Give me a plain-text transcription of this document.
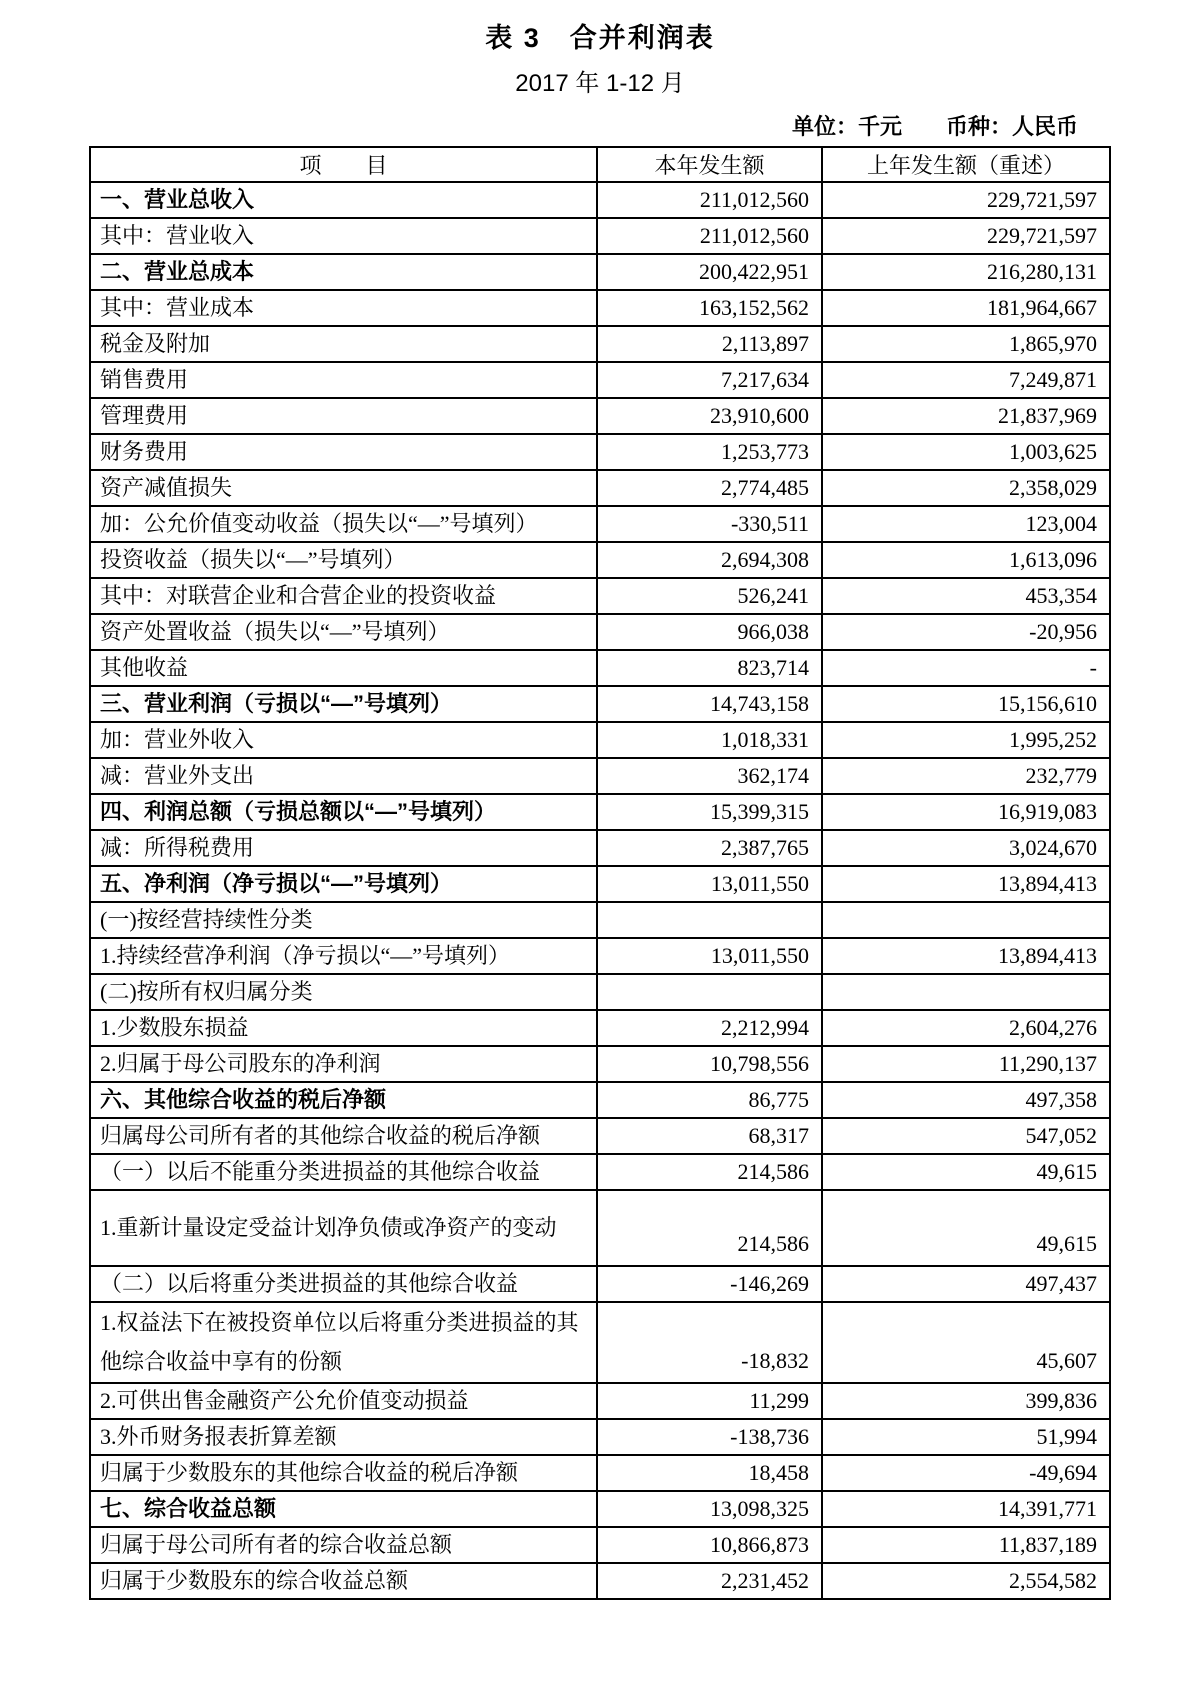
表 3　合并利润表
2017 年 1-12 月
单位：千元　　币种：人民币
项　　目	本年发生额	上年发生额（重述）
一、营业总收入	211,012,560	229,721,597
其中：营业收入	211,012,560	229,721,597
二、营业总成本	200,422,951	216,280,131
其中：营业成本	163,152,562	181,964,667
税金及附加	2,113,897	1,865,970
销售费用	7,217,634	7,249,871
管理费用	23,910,600	21,837,969
财务费用	1,253,773	1,003,625
资产减值损失	2,774,485	2,358,029
加：公允价值变动收益（损失以“—”号填列）	-330,511	123,004
投资收益（损失以“—”号填列）	2,694,308	1,613,096
其中：对联营企业和合营企业的投资收益	526,241	453,354
资产处置收益（损失以“—”号填列）	966,038	-20,956
其他收益	823,714	-
三、营业利润（亏损以“—”号填列）	14,743,158	15,156,610
加：营业外收入	1,018,331	1,995,252
减：营业外支出	362,174	232,779
四、利润总额（亏损总额以“—”号填列）	15,399,315	16,919,083
减：所得税费用	2,387,765	3,024,670
五、净利润（净亏损以“—”号填列）	13,011,550	13,894,413
(一)按经营持续性分类		
1.持续经营净利润（净亏损以“—”号填列）	13,011,550	13,894,413
(二)按所有权归属分类		
1.少数股东损益	2,212,994	2,604,276
2.归属于母公司股东的净利润	10,798,556	11,290,137
六、其他综合收益的税后净额	86,775	497,358
归属母公司所有者的其他综合收益的税后净额	68,317	547,052
（一）以后不能重分类进损益的其他综合收益	214,586	49,615
1.重新计量设定受益计划净负债或净资产的变动	214,586	49,615
（二）以后将重分类进损益的其他综合收益	-146,269	497,437
1.权益法下在被投资单位以后将重分类进损益的其他综合收益中享有的份额	-18,832	45,607
2.可供出售金融资产公允价值变动损益	11,299	399,836
3.外币财务报表折算差额	-138,736	51,994
归属于少数股东的其他综合收益的税后净额	18,458	-49,694
七、综合收益总额	13,098,325	14,391,771
归属于母公司所有者的综合收益总额	10,866,873	11,837,189
归属于少数股东的综合收益总额	2,231,452	2,554,582
